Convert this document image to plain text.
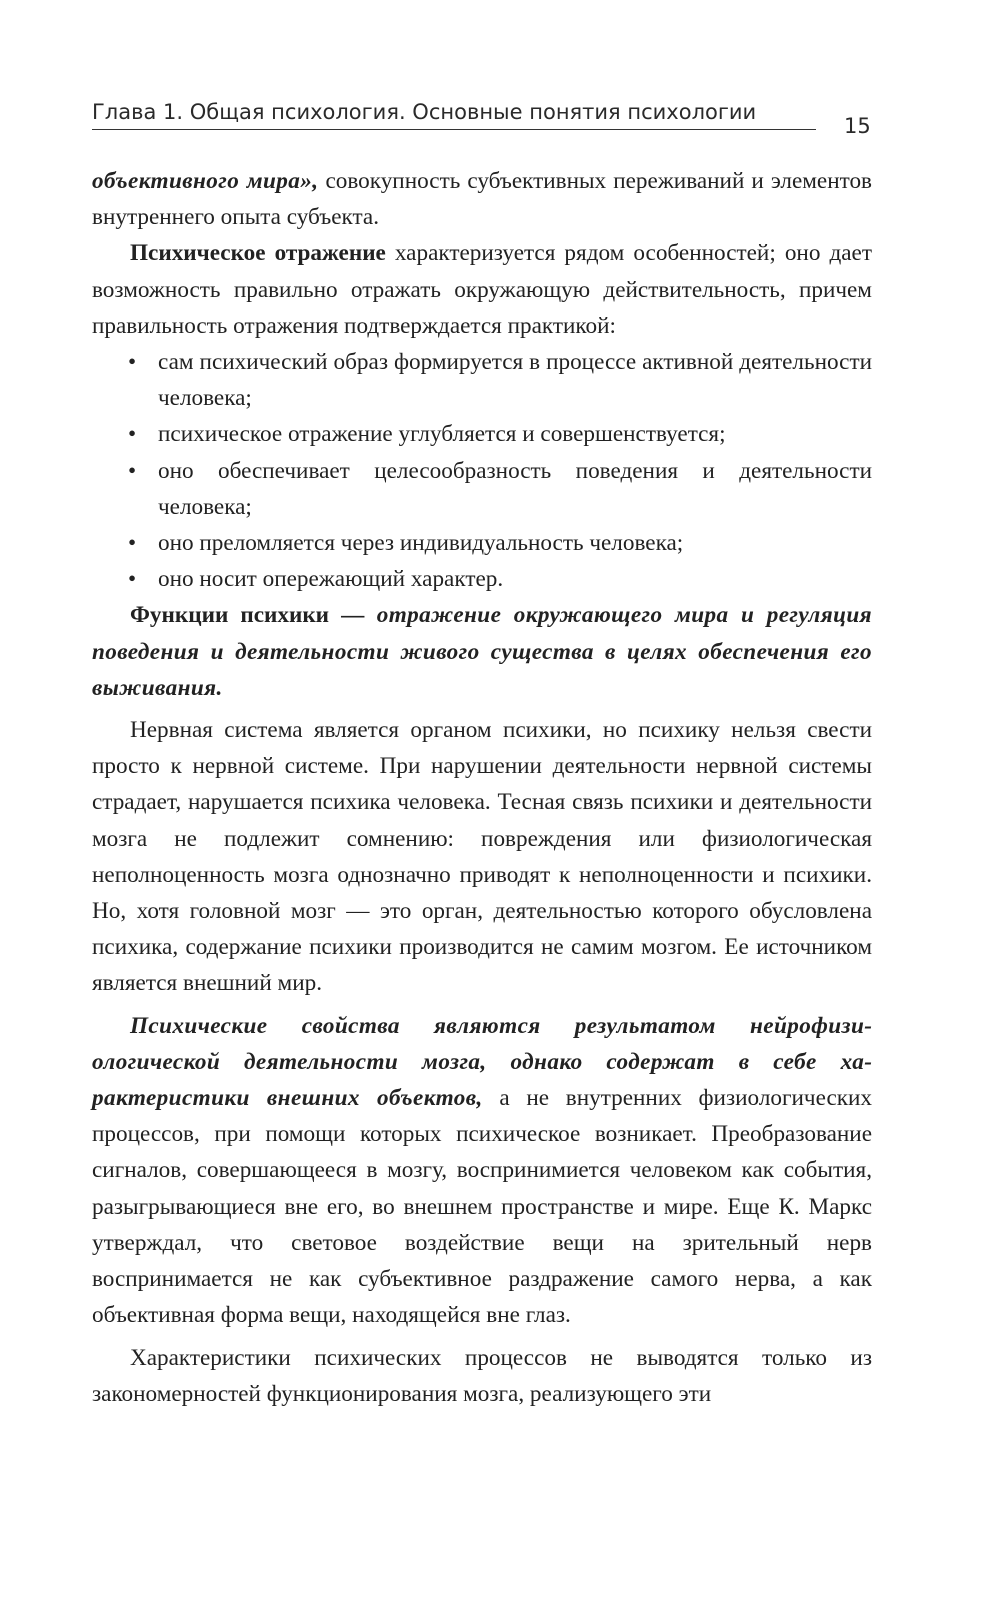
Глава 1. Общая психология. Основные понятия психологии
15

объективного мира», совокупность субъективных переживаний и элементов внутреннего опыта субъекта.

Психическое отражение характеризуется рядом особенностей; оно дает возможность правильно отражать окружающую действительность, причем правильность отражения подтверждается практикой:

• сам психический образ формируется в процессе активной деятельности человека;
• психическое отражение углубляется и совершенствуется;
• оно обеспечивает целесообразность поведения и деятельности человека;
• оно преломляется через индивидуальность человека;
• оно носит опережающий характер.

Функции психики — отражение окружающего мира и регуляция поведения и деятельности живого существа в целях обеспечения его выживания.

Нервная система является органом психики, но психику нельзя свести просто к нервной системе. При нарушении деятельности нервной системы страдает, нарушается психика человека. Тесная связь психики и деятельности мозга не подлежит сомнению: повреждения или физиологическая неполноценность мозга однозначно приводят к неполноценности и психики. Но, хотя головной мозг — это орган, деятельностью которого обусловлена психика, содержание психики производится не самим мозгом. Ее источником является внешний мир.

Психические свойства являются результатом нейрофизиологической деятельности мозга, однако содержат в себе характеристики внешних объектов, а не внутренних физиологических процессов, при помощи которых психическое возникает. Преобразование сигналов, совершающееся в мозгу, воспринимиется человеком как события, разыгрывающиеся вне его, во внешнем пространстве и мире. Еще К. Маркс утверждал, что световое воздействие вещи на зрительный нерв воспринимается не как субъективное раздражение самого нерва, а как объективная форма вещи, находящейся вне глаз.

Характеристики психических процессов не выводятся только из закономерностей функционирования мозга, реализующего эти
